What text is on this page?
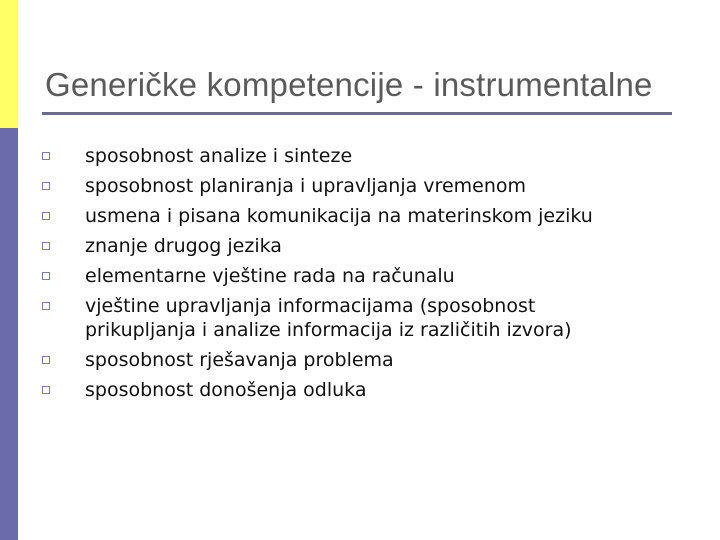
Generičke kompetencije - instrumentalne
sposobnost analize i sinteze
sposobnost planiranja i upravljanja vremenom
usmena i pisana komunikacija na materinskom jeziku
znanje drugog jezika
elementarne vještine rada na računalu
vještine upravljanja informacijama (sposobnost
prikupljanja i analize informacija iz različitih izvora)
sposobnost rješavanja problema
sposobnost donošenja odluka
